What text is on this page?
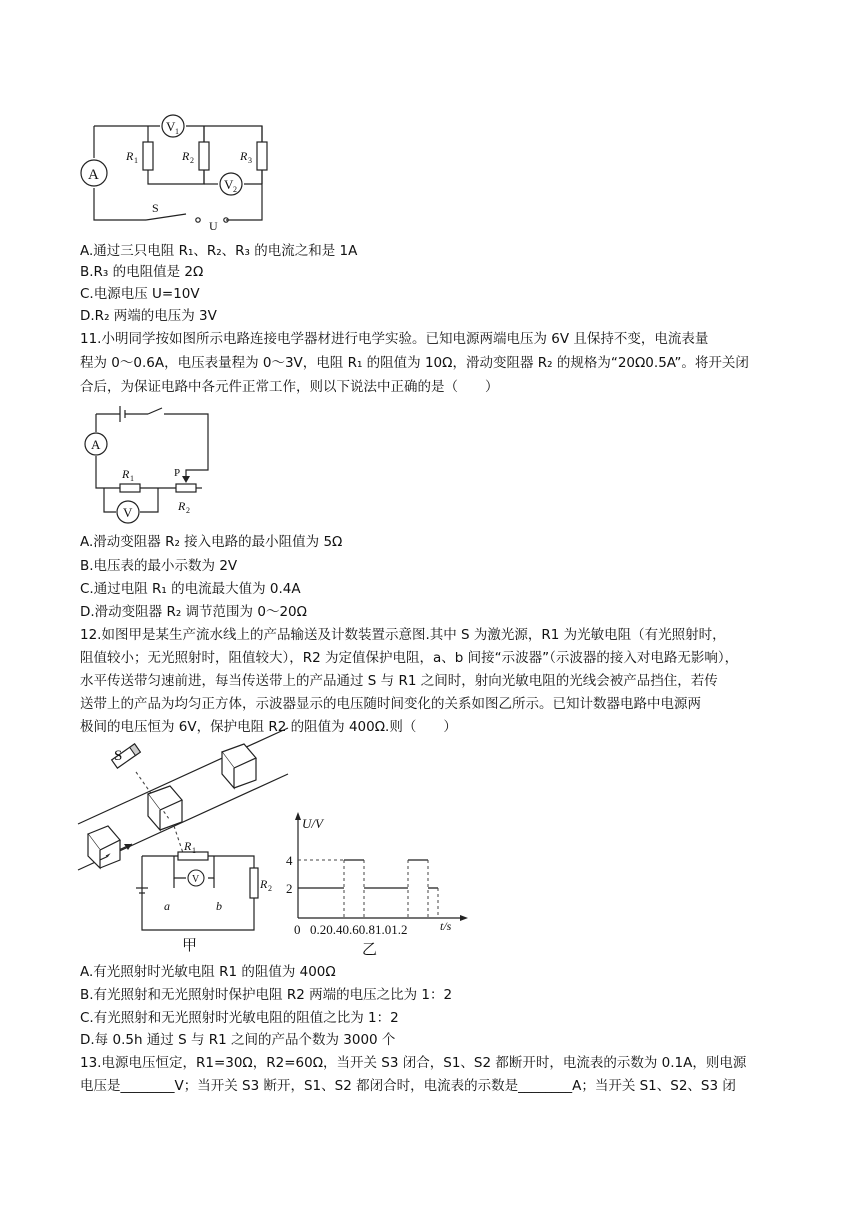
A
V 1
V 2
R 1	R 2	R 3
S
U
A.通过三只电阻 R₁、R₂、R₃ 的电流之和是 1A
B.R₃ 的电阻值是 2Ω
C.电源电压 U=10V
D.R₂ 两端的电压为 3V
11.小明同学按如图所示电路连接电学器材进行电学实验。已知电源两端电压为 6V 且保持不变，电流表量
程为 0～0.6A，电压表量程为 0～3V，电阻 R₁ 的阻值为 10Ω，滑动变阻器 R₂ 的规格为“20Ω0.5A”。将开关闭
合后，为保证电路中各元件正常工作，则以下说法中正确的是（　　）
A
V
R 1
R 2
P
A.滑动变阻器 R₂ 接入电路的最小阻值为 5Ω
B.电压表的最小示数为 2V
C.通过电阻 R₁ 的电流最大值为 0.4A
D.滑动变阻器 R₂ 调节范围为 0～20Ω
12.如图甲是某生产流水线上的产品输送及计数装置示意图.其中 S 为激光源，R1 为光敏电阻（有光照射时，
阻值较小；无光照射时，阻值较大），R2 为定值保护电阻，a、b 间接“示波器”（示波器的接入对电路无影响），
水平传送带匀速前进，每当传送带上的产品通过 S 与 R1 之间时，射向光敏电阻的光线会被产品挡住，若传
送带上的产品为均匀正方体，示波器显示的电压随时间变化的关系如图乙所示。已知计数器电路中电源两
极间的电压恒为 6V，保护电阻 R2 的阻值为 400Ω.则（　　）
S
V
R 1
R 2
a	b
甲
U/V
t/s
4
2
0 0.20.40.60.81.01.2
乙
A.有光照射时光敏电阻 R1 的阻值为 400Ω
B.有光照射和无光照射时保护电阻 R2 两端的电压之比为 1：2
C.有光照射和无光照射时光敏电阻的阻值之比为 1：2
D.每 0.5h 通过 S 与 R1 之间的产品个数为 3000 个
13.电源电压恒定，R1=30Ω，R2=60Ω，当开关 S3 闭合，S1、S2 都断开时，电流表的示数为 0.1A，则电源
电压是________V；当开关 S3 断开，S1、S2 都闭合时，电流表的示数是________A；当开关 S1、S2、S3 闭
